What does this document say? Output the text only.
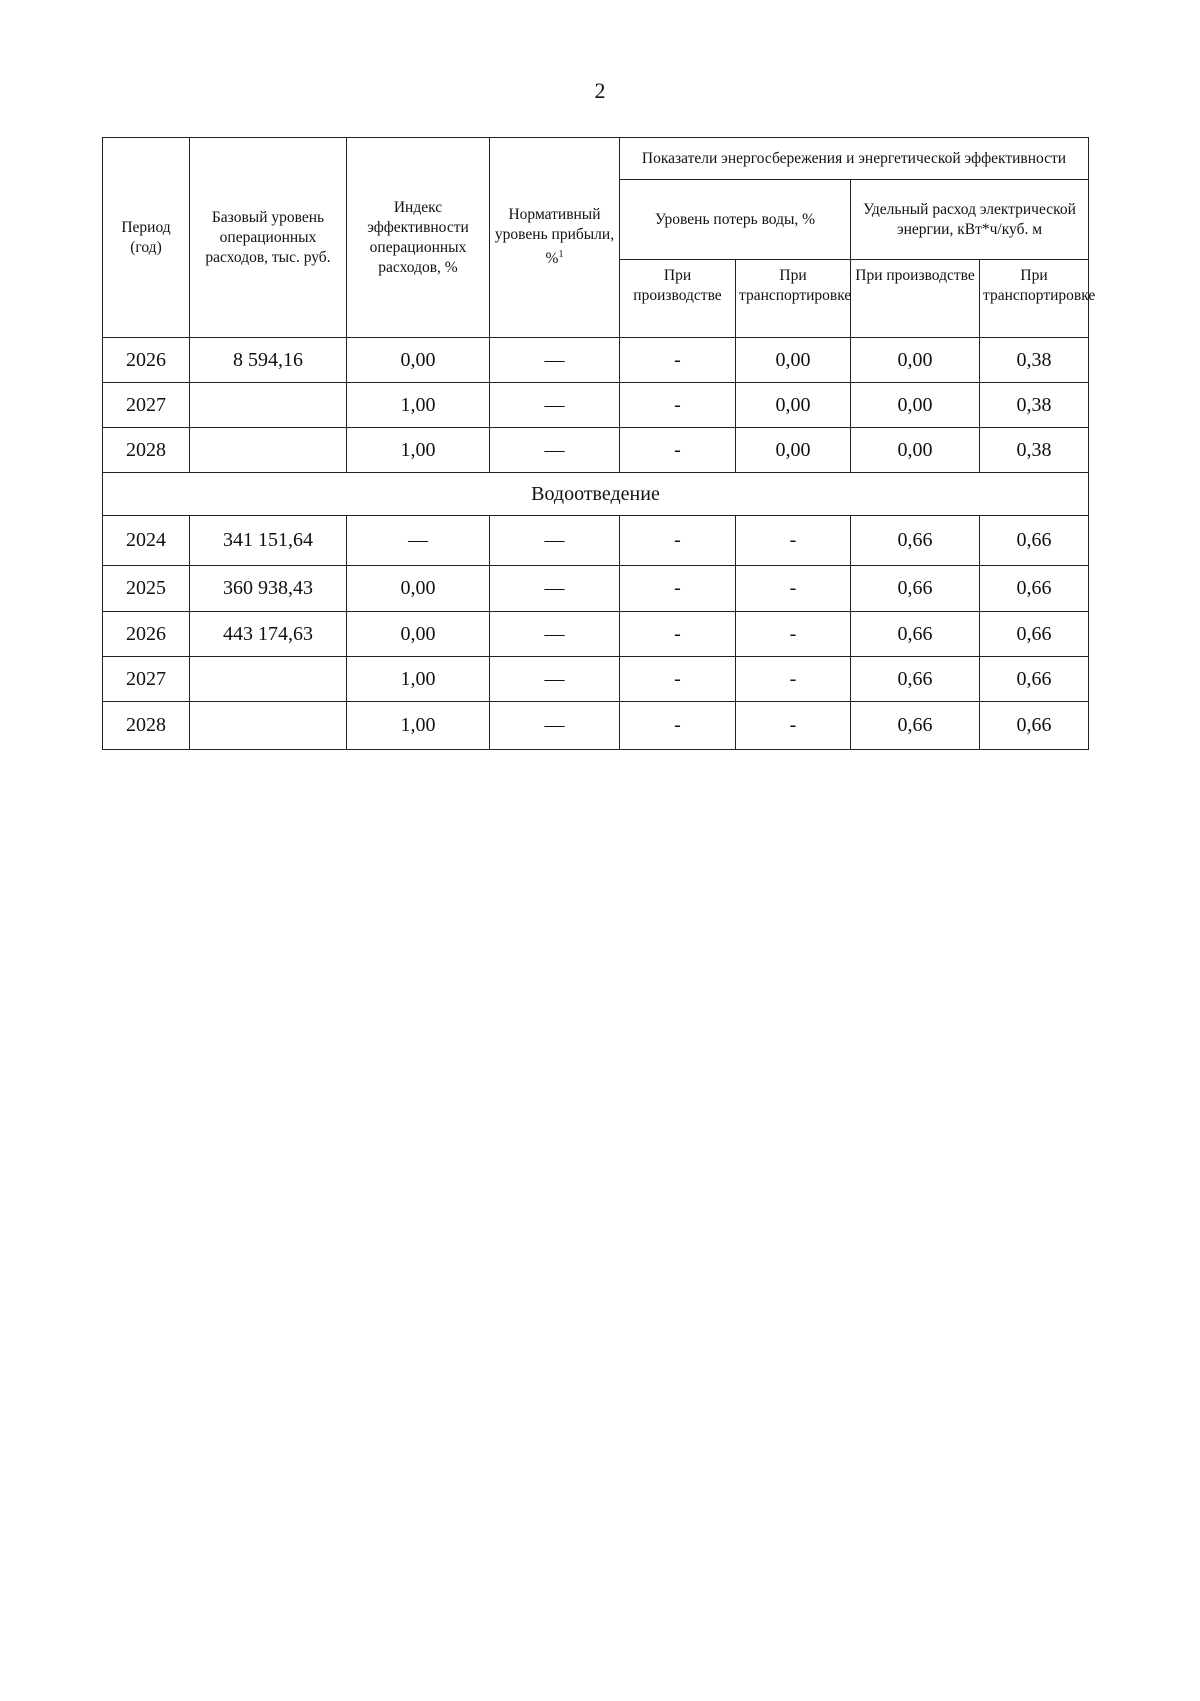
2
Период (год)	Базовый уровень операционных расходов, тыс. руб.	Индекс эффективности операционных расходов, %	Нормативный уровень прибыли, %$^1$	Показатели энергосбережения и энергетической эффективности			
				Уровень потерь воды, %		Удельный расход электрической энергии, кВт*ч/куб. м	
				При производстве	При транспортировке	При производстве	При транспортировке
2026	8 594,16	0,00	—	-	0,00	0,00	0,38
2027		1,00	—	-	0,00	0,00	0,38
2028		1,00	—	-	0,00	0,00	0,38
Водоотведение							
2024	341 151,64	—	—	-	-	0,66	0,66
2025	360 938,43	0,00	—	-	-	0,66	0,66
2026	443 174,63	0,00	—	-	-	0,66	0,66
2027		1,00	—	-	-	0,66	0,66
2028		1,00	—	-	-	0,66	0,66
